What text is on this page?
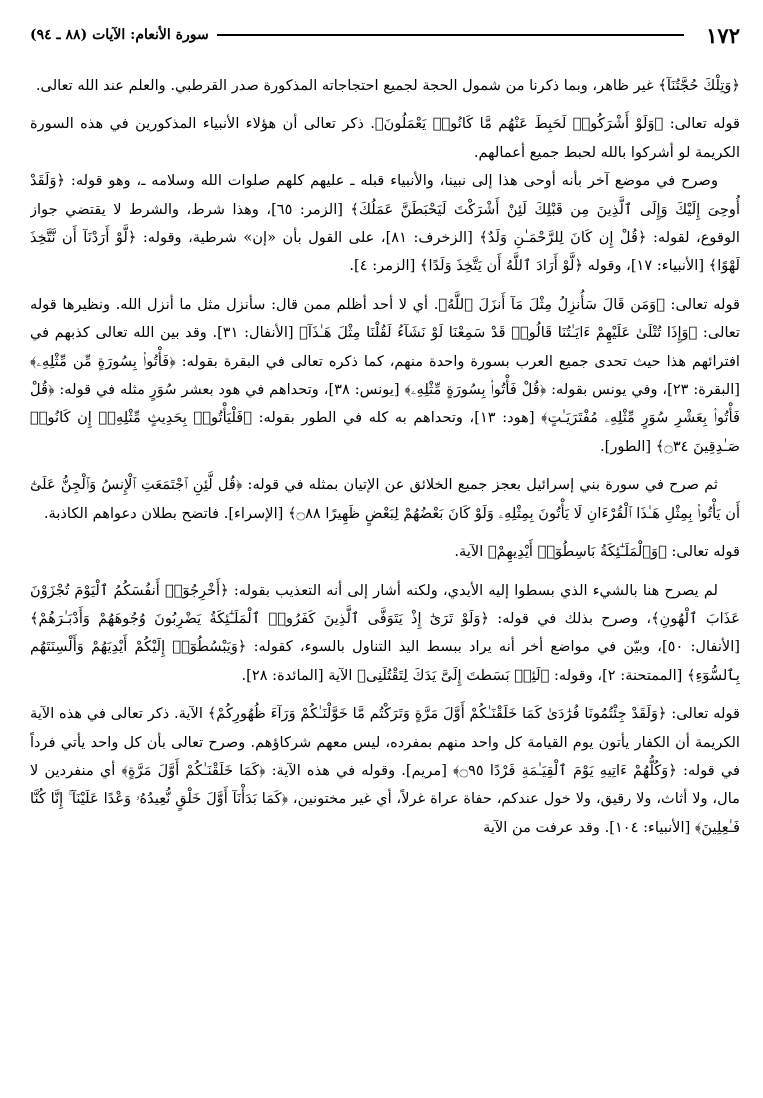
١٧٢
سورة الأنعام: الآيات (٨٨ ـ ٩٤)

﴿وَتِلْكَ حُجَّتُنَآ﴾ غير ظاهر، وبما ذكرنا من شمول الحجة لجميع احتجاجاته المذكورة صدر القرطبي. والعلم عند الله تعالى.

قوله تعالى: ﴿وَلَوْ أَشْرَكُوا۟ لَحَبِطَ عَنْهُم مَّا كَانُوا۟ يَعْمَلُونَ﴾. ذكر تعالى أن هؤلاء الأنبياء المذكورين في هذه السورة الكريمة لو أشركوا بالله لحبط جميع أعمالهم.

وصرح في موضع آخر بأنه أوحى هذا إلى نبينا، والأنبياء قبله ـ عليهم كلهم صلوات الله وسلامه ـ، وهو قوله: ﴿وَلَقَدْ أُوحِىَ إِلَيْكَ وَإِلَى ٱلَّذِينَ مِن قَبْلِكَ لَئِنْ أَشْرَكْتَ لَيَحْبَطَنَّ عَمَلُكَ﴾ [الزمر: ٦٥]، وهذا شرط، والشرط لا يقتضي جواز الوقوع، لقوله: ﴿قُلْ إِن كَانَ لِلرَّحْمَـٰنِ وَلَدٌ﴾ [الزخرف: ٨١]، على القول بأن «إن» شرطية، وقوله: ﴿لَّوْ أَرَدْنَآ أَن نَّتَّخِذَ لَهْوًا﴾ [الأنبياء: ١٧]، وقوله ﴿لَّوْ أَرَادَ ٱللَّهُ أَن يَتَّخِذَ وَلَدًا﴾ [الزمر: ٤].

قوله تعالى: ﴿وَمَن قَالَ سَأُنزِلُ مِثْلَ مَآ أَنزَلَ ٱللَّهُ﴾. أي لا أحد أظلم ممن قال: سأنزل مثل ما أنزل الله. ونظيرها قوله تعالى: ﴿وَإِذَا تُتْلَىٰ عَلَيْهِمْ ءَايَـٰتُنَا قَالُوا۟ قَدْ سَمِعْنَا لَوْ نَشَآءُ لَقُلْنَا مِثْلَ هَـٰذَآ﴾ [الأنفال: ٣١]. وقد بين الله تعالى كذبهم في افترائهم هذا حيث تحدى جميع العرب بسورة واحدة منهم، كما ذكره تعالى في البقرة بقوله: ﴿فَأْتُوا۟ بِسُورَةٍ مِّن مِّثْلِهِۦ﴾ [البقرة: ٢٣]، وفي يونس بقوله: ﴿قُلْ فَأْتُوا۟ بِسُورَةٍ مِّثْلِهِۦ﴾ [يونس: ٣٨]، وتحداهم في هود بعشر سُوَرٍ مثله في قوله: ﴿قُلْ فَأْتُوا۟ بِعَشْرِ سُوَرٍ مِّثْلِهِۦ مُفْتَرَيَـٰتٍ﴾ [هود: ١٣]، وتحداهم به كله في الطور بقوله: ﴿فَلْيَأْتُوا۟ بِحَدِيثٍ مِّثْلِهِۦٓ إِن كَانُوا۟ صَـٰدِقِينَ ۝٣٤﴾ [الطور].

ثم صرح في سورة بني إسرائيل بعجز جميع الخلائق عن الإتيان بمثله في قوله: ﴿قُل لَّئِنِ ٱجْتَمَعَتِ ٱلْإِنسُ وَٱلْجِنُّ عَلَىٰٓ أَن يَأْتُوا۟ بِمِثْلِ هَـٰذَا ٱلْقُرْءَانِ لَا يَأْتُونَ بِمِثْلِهِۦ وَلَوْ كَانَ بَعْضُهُمْ لِبَعْضٍ ظَهِيرًا ۝٨٨﴾ [الإسراء]. فاتضح بطلان دعواهم الكاذبة.

قوله تعالى: ﴿وَٱلْمَلَـٰٓئِكَةُ بَاسِطُوٓا۟ أَيْدِيهِمْ﴾ الآية.

لم يصرح هنا بالشيء الذي بسطوا إليه الأيدي، ولكنه أشار إلى أنه التعذيب بقوله: ﴿أَخْرِجُوٓا۟ أَنفُسَكُمُ ٱلْيَوْمَ تُجْزَوْنَ عَذَابَ ٱلْهُونِ﴾، وصرح بذلك في قوله: ﴿وَلَوْ تَرَىٰٓ إِذْ يَتَوَفَّى ٱلَّذِينَ كَفَرُوا۟ ٱلْمَلَـٰٓئِكَةُ يَضْرِبُونَ وُجُوهَهُمْ وَأَدْبَـٰرَهُمْ﴾ [الأنفال: ٥٠]، وبيّن في مواضع أخر أنه يراد ببسط اليد التناول بالسوء، كقوله: ﴿وَيَبْسُطُوٓا۟ إِلَيْكُمْ أَيْدِيَهُمْ وَأَلْسِنَتَهُم بِٱلسُّوٓءِ﴾ [الممتحنة: ٢]، وقوله: ﴿لَئِنۢ بَسَطتَ إِلَىَّ يَدَكَ لِتَقْتُلَنِى﴾ الآية [المائدة: ٢٨].

قوله تعالى: ﴿وَلَقَدْ جِئْتُمُونَا فُرَٰدَىٰ كَمَا خَلَقْنَـٰكُمْ أَوَّلَ مَرَّةٍ وَتَرَكْتُم مَّا خَوَّلْنَـٰكُمْ وَرَآءَ ظُهُورِكُمْ﴾ الآية. ذكر تعالى في هذه الآية الكريمة أن الكفار يأتون يوم القيامة كل واحد منهم بمفرده، ليس معهم شركاؤهم. وصرح تعالى بأن كل واحد يأتي فرداً في قوله: ﴿وَكُلُّهُمْ ءَاتِيهِ يَوْمَ ٱلْقِيَـٰمَةِ فَرْدًا ۝٩٥﴾ [مريم]. وقوله في هذه الآية: ﴿كَمَا خَلَقْنَـٰكُمْ أَوَّلَ مَرَّةٍ﴾ أي منفردين لا مال، ولا أثاث، ولا رقيق، ولا خول عندكم، حفاة عراة غرلاً، أي غير مختونين، ﴿كَمَا بَدَأْنَآ أَوَّلَ خَلْقٍ نُّعِيدُهُۥ وَعْدًا عَلَيْنَآ ۚ إِنَّا كُنَّا فَـٰعِلِينَ﴾ [الأنبياء: ١٠٤]. وقد عرفت من الآية
